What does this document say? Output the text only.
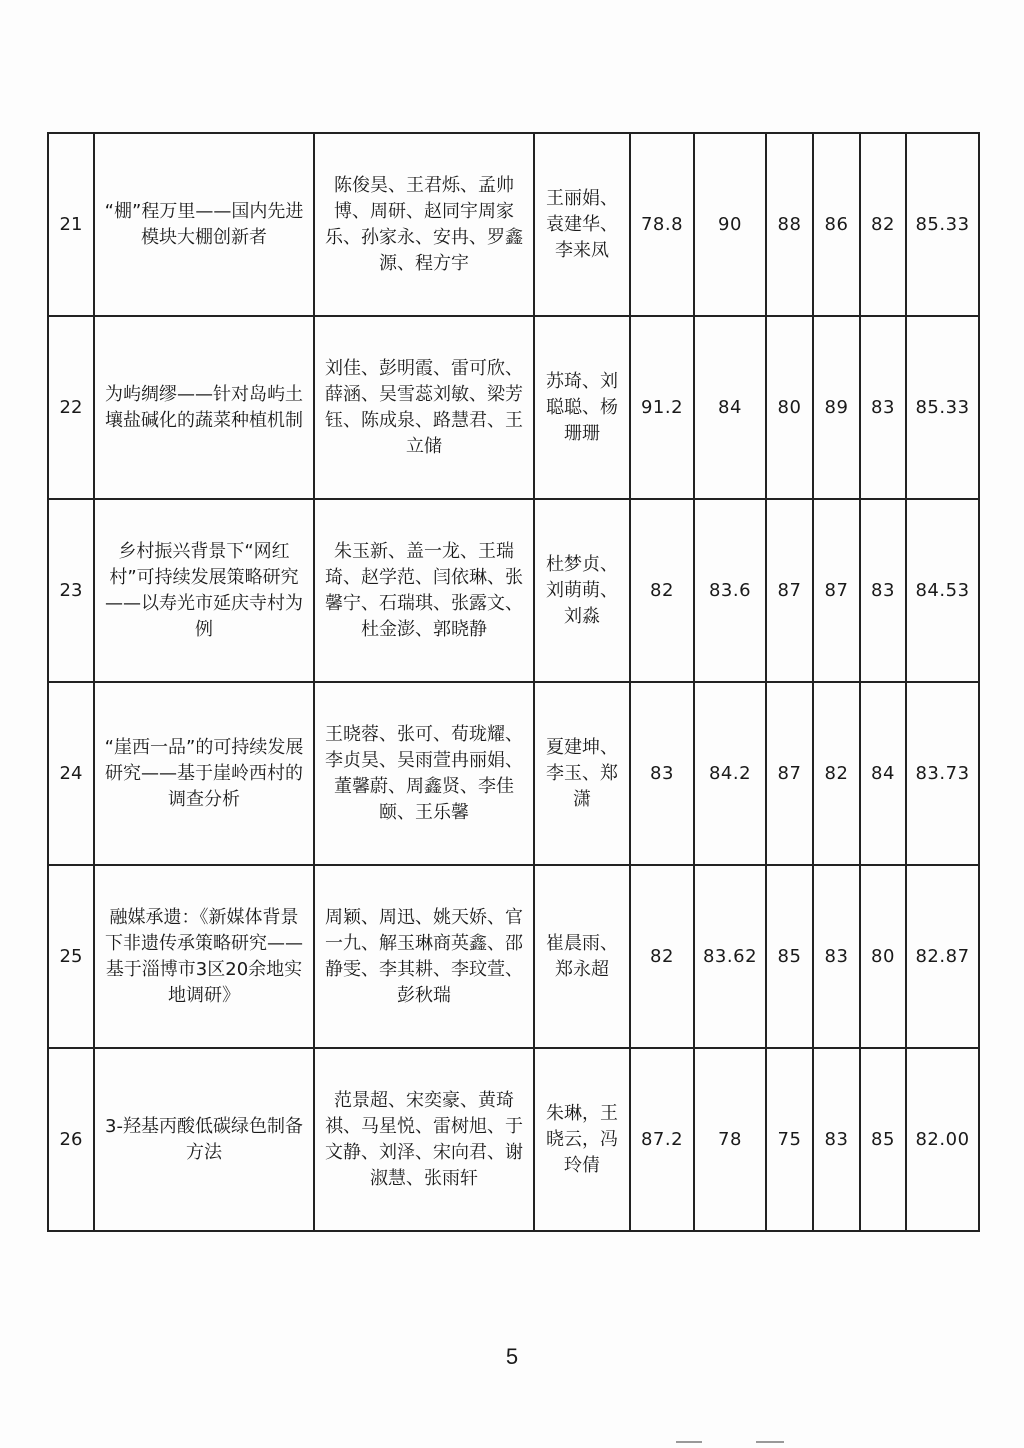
21	“棚”程万里——国内先进模块大棚创新者	陈俊昊、王君烁、孟帅博、周研、赵同宇周家乐、孙家永、安冉、罗鑫源、程方宇	王丽娟、袁建华、李来凤	78.8	90	88	86	82	85.33
22	为屿绸缪——针对岛屿土壤盐碱化的蔬菜种植机制	刘佳、彭明霞、雷可欣、薛涵、吴雪蕊刘敏、梁芳钰、陈成泉、路慧君、王立储	苏琦、刘聪聪、杨珊珊	91.2	84	80	89	83	85.33
23	乡村振兴背景下“网红村”可持续发展策略研究——以寿光市延庆寺村为例	朱玉新、盖一龙、王瑞琦、赵学范、闫依琳、张馨宁、石瑞琪、张露文、杜金澎、郭晓静	杜梦贞、刘萌萌、刘淼	82	83.6	87	87	83	84.53
24	“崖西一品”的可持续发展研究——基于崖岭西村的调查分析	王晓蓉、张可、荀珑耀、李贞昊、吴雨萱冉丽娟、董馨蔚、周鑫贤、李佳颐、王乐馨	夏建坤、李玉、郑潇	83	84.2	87	82	84	83.73
25	融媒承遗：《新媒体背景下非遗传承策略研究——基于淄博市3区20余地实地调研》	周颖、周迅、姚天娇、官一九、解玉琳商英鑫、邵静雯、李其耕、李玟萱、彭秋瑞	崔晨雨、郑永超	82	83.62	85	83	80	82.87
26	3-羟基丙酸低碳绿色制备方法	范景超、宋奕豪、黄琦祺、马星悦、雷树旭、于文静、刘泽、宋向君、谢淑慧、张雨轩	朱琳，王晓云，冯玲倩	87.2	78	75	83	85	82.00
5
